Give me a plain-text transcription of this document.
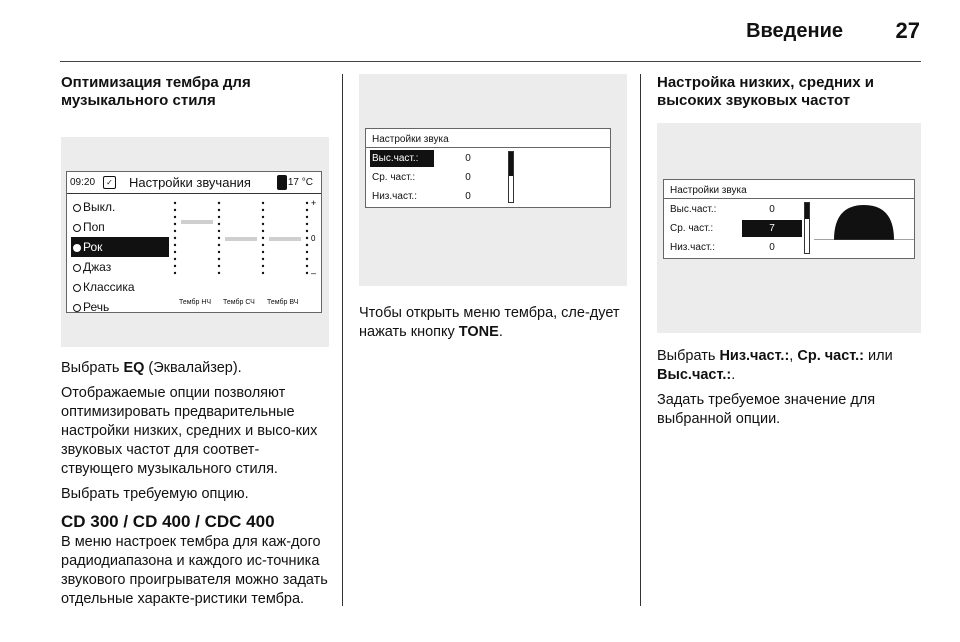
Введение 27
Оптимизация тембра для музыкального стиля
09:20	✓ Настройки звучания	17 °C
Выкл.
Поп
Рок
Джаз
Классика
Речь
+
0
–
Тембр НЧ Тембр СЧ Тембр ВЧ

Выбрать EQ (Эквалайзер).

Отображаемые опции позволяют оптимизировать предварительные настройки низких, средних и высо-ких звуковых частот для соответ-ствующего музыкального стиля.

Выбрать требуемую опцию.

CD 300 / CD 400 / CDC 400

В меню настроек тембра для каж-дого радиодиапазона и каждого ис-точника звукового проигрывателя можно задать отдельные характе-ристики тембра.

Настройки звука
Выс.част.:	0
Ср. част.:	0
Низ.част.:	0

Чтобы открыть меню тембра, сле-дует нажать кнопку TONE.

Настройка низких, средних и высоких звуковых частот
Настройки звука
Выс.част.:	0
Ср. част.:	7
Низ.част.:	0

Выбрать Низ.част.:, Ср. част.: или Выс.част.:.

Задать требуемое значение для выбранной опции.
